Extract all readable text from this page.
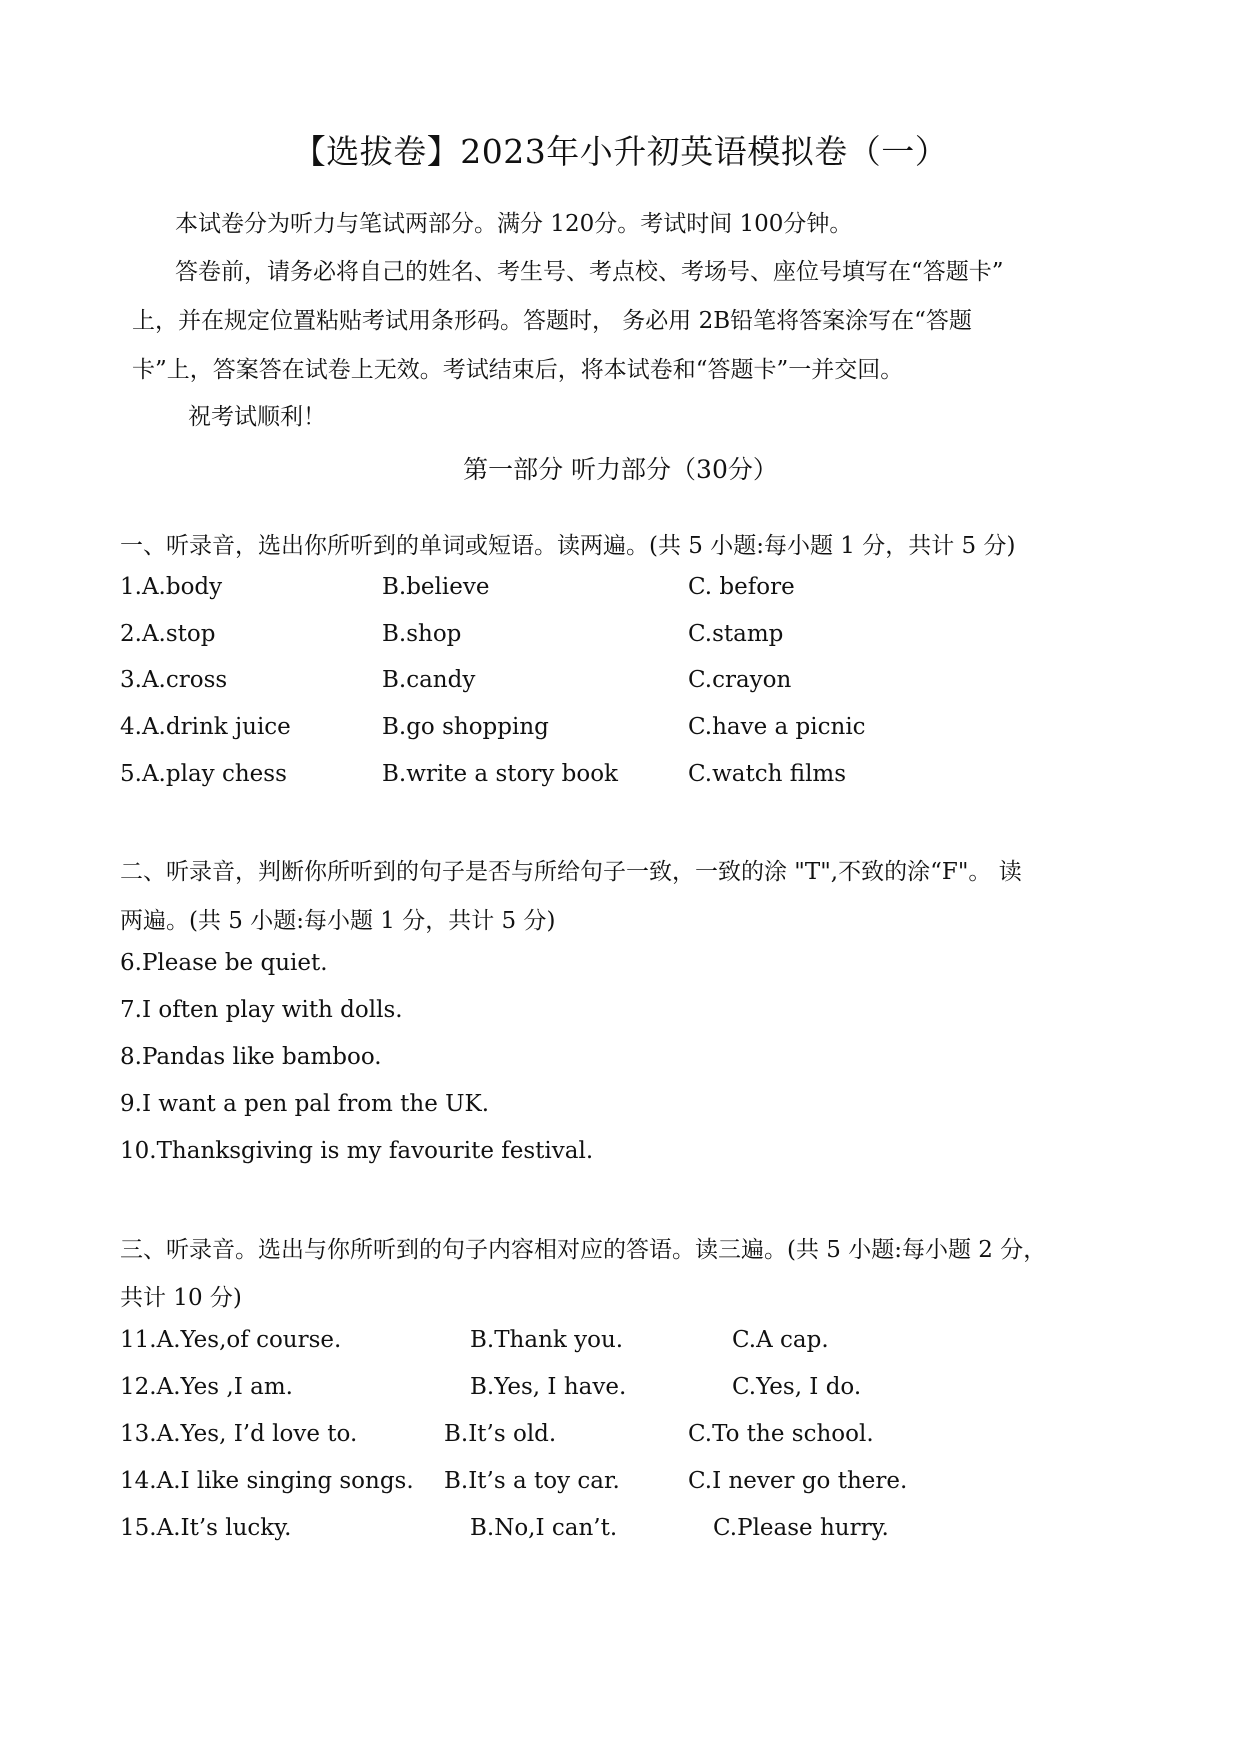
【选拔卷】2023年小升初英语模拟卷（一）
本试卷分为听力与笔试两部分。满分 120分。考试时间 100分钟。
答卷前，请务必将自己的姓名、考生号、考点校、考场号、座位号填写在“答题卡”
上，并在规定位置粘贴考试用条形码。答题时， 务必用 2B铅笔将答案涂写在“答题
卡”上，答案答在试卷上无效。考试结束后，将本试卷和“答题卡”一并交回。
祝考试顺利！
第一部分 听力部分（30分）
一、听录音，选出你所听到的单词或短语。读两遍。(共 5 小题:每小题 1 分，共计 5 分)
1.A.body	B.believe	C. before
2.A.stop	B.shop	C.stamp
3.A.cross	B.candy	C.crayon
4.A.drink juice	B.go shopping	C.have a picnic
5.A.play chess	B.write a story book	C.watch films
二、听录音，判断你所听到的句子是否与所给句子一致，一致的涂 "T",不致的涂“F"。 读
两遍。(共 5 小题:每小题 1 分，共计 5 分)
6.Please be quiet.
7.I often play with dolls.
8.Pandas like bamboo.
9.I want a pen pal from the UK.
10.Thanksgiving is my favourite festival.
三、听录音。选出与你所听到的句子内容相对应的答语。读三遍。(共 5 小题:每小题 2 分，
共计 10 分)
11.A.Yes,of course.	B.Thank you.	C.A cap.
12.A.Yes ,I am.	B.Yes, I have.	C.Yes, I do.
13.A.Yes, I’d love to.	B.It’s old.	C.To the school.
14.A.I like singing songs. B.It’s a toy car.	C.I never go there.
15.A.It’s lucky.	B.No,I can’t.	C.Please hurry.
